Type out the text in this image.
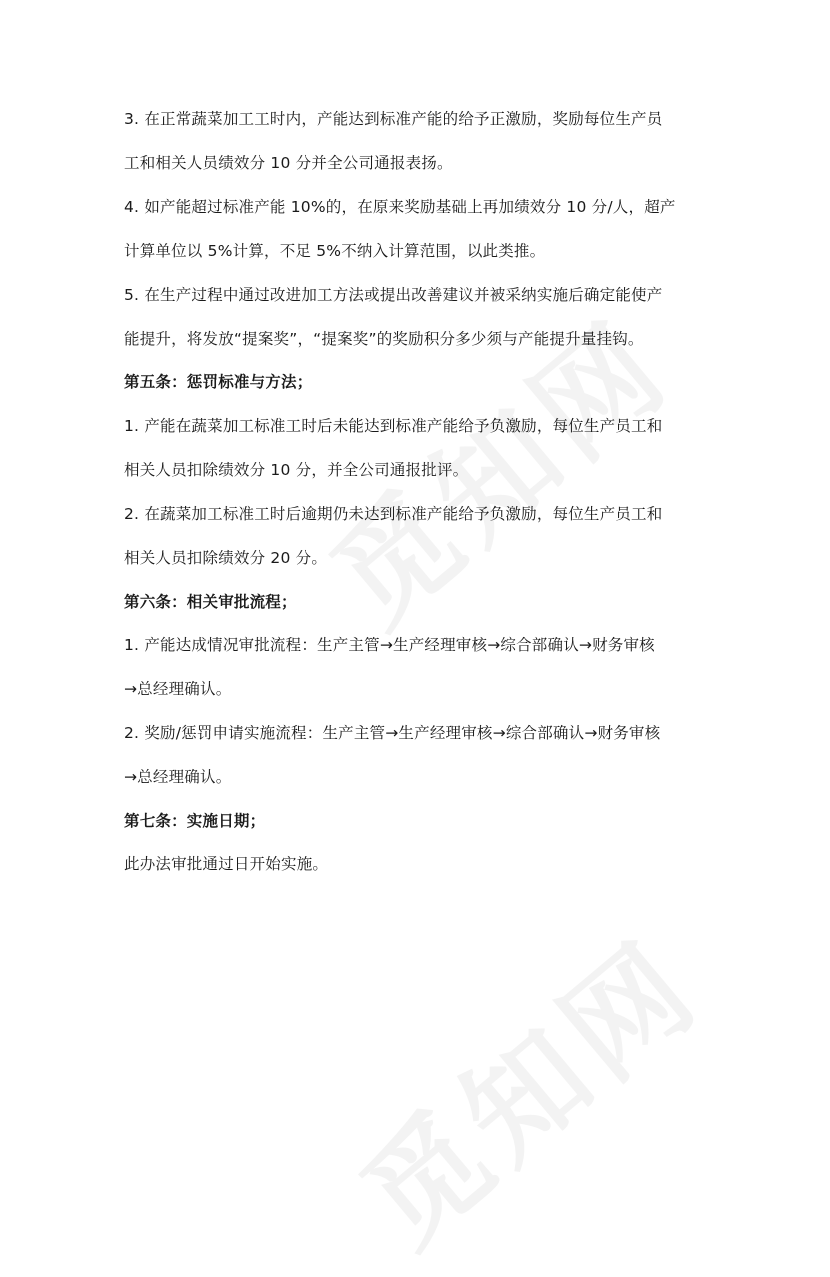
3. 在正常蔬菜加工工时内，产能达到标准产能的给予正激励，奖励每位生产员
工和相关人员绩效分 10 分并全公司通报表扬。
4. 如产能超过标准产能 10%的，在原来奖励基础上再加绩效分 10 分/人，超产
计算单位以 5%计算，不足 5%不纳入计算范围，以此类推。
5. 在生产过程中通过改进加工方法或提出改善建议并被采纳实施后确定能使产
能提升，将发放“提案奖”，“提案奖”的奖励积分多少须与产能提升量挂钩。
第五条：惩罚标准与方法；
1. 产能在蔬菜加工标准工时后未能达到标准产能给予负激励，每位生产员工和
相关人员扣除绩效分 10 分，并全公司通报批评。
2. 在蔬菜加工标准工时后逾期仍未达到标准产能给予负激励，每位生产员工和
相关人员扣除绩效分 20 分。
第六条：相关审批流程；
1. 产能达成情况审批流程：生产主管→生产经理审核→综合部确认→财务审核
→总经理确认。
2. 奖励/惩罚申请实施流程：生产主管→生产经理审核→综合部确认→财务审核
→总经理确认。
第七条：实施日期；
此办法审批通过日开始实施。
